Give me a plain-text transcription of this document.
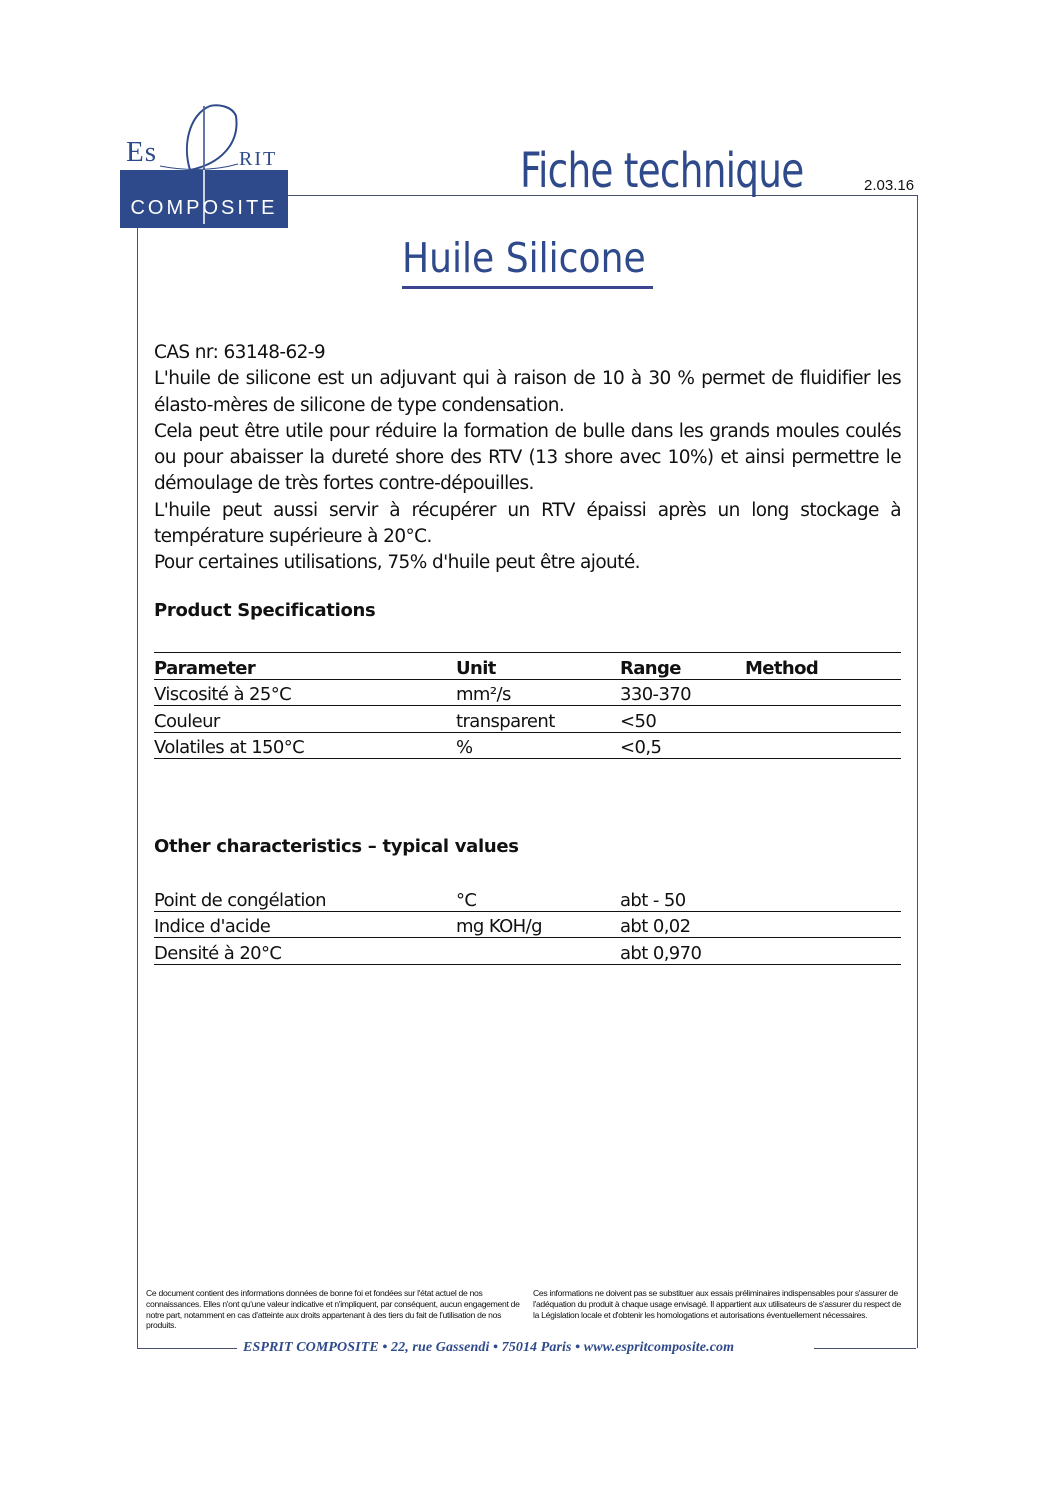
Es	RIT
COMPOSITE
Fiche technique	2.03.16
Huile Silicone

CAS nr: 63148-62-9

L'huile de silicone est un adjuvant qui à raison de 10 à 30 % permet de fluidifier les élasto-mères de silicone de type condensation.

Cela peut être utile pour réduire la formation de bulle dans les grands moules coulés ou pour abaisser la dureté shore des RTV (13 shore avec 10%) et ainsi permettre le démoulage de très fortes contre-dépouilles.

L'huile peut aussi servir à récupérer un RTV épaissi après un long stockage à température supérieure à 20°C.

Pour certaines utilisations, 75% d'huile peut être ajouté.

Product Specifications
Parameter	Unit	Range	Method
Viscosité à 25°C	mm²/s	330-370	
Couleur	transparent	<50	
Volatiles at 150°C	%	<0,5	
Other characteristics – typical values
Point de congélation	°C	abt - 50	
Indice d'acide	mg KOH/g	abt 0,02	
Densité à 20°C		abt 0,970	
Ce document contient des informations données de bonne foi et fondées sur l'état actuel de nos connaissances. Elles n'ont qu'une valeur indicative et n'impliquent, par conséquent, aucun engagement de notre part, notamment en cas d'atteinte aux droits appartenant à des tiers du fait de l'utilisation de nos produits.
Ces informations ne doivent pas se substituer aux essais préliminaires indispensables pour s'assurer de l'adéquation du produit à chaque usage envisagé. Il appartient aux utilisateurs de s'assurer du respect de la Législation locale et d'obtenir les homologations et autorisations éventuellement nécessaires.
ESPRIT COMPOSITE • 22, rue Gassendi • 75014 Paris • www.espritcomposite.com
